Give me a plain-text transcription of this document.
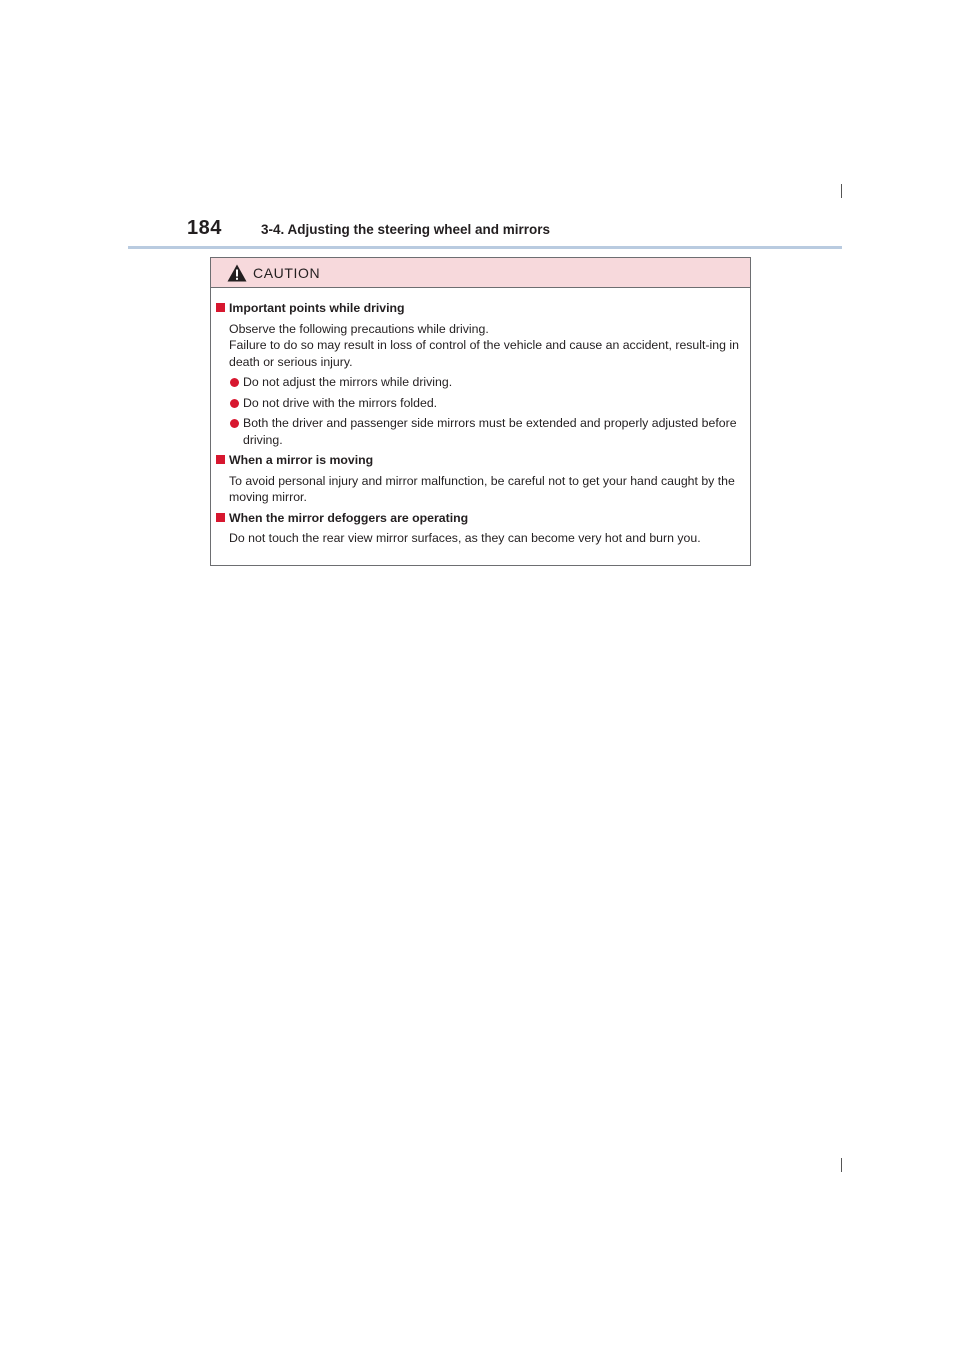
184	3-4. Adjusting the steering wheel and mirrors
CAUTION
Important points while driving
Observe the following precautions while driving.
Failure to do so may result in loss of control of the vehicle and cause an accident, result-ing in death or serious injury.
Do not adjust the mirrors while driving.
Do not drive with the mirrors folded.
Both the driver and passenger side mirrors must be extended and properly adjusted before driving.
When a mirror is moving
To avoid personal injury and mirror malfunction, be careful not to get your hand caught by the moving mirror.
When the mirror defoggers are operating
Do not touch the rear view mirror surfaces, as they can become very hot and burn you.
